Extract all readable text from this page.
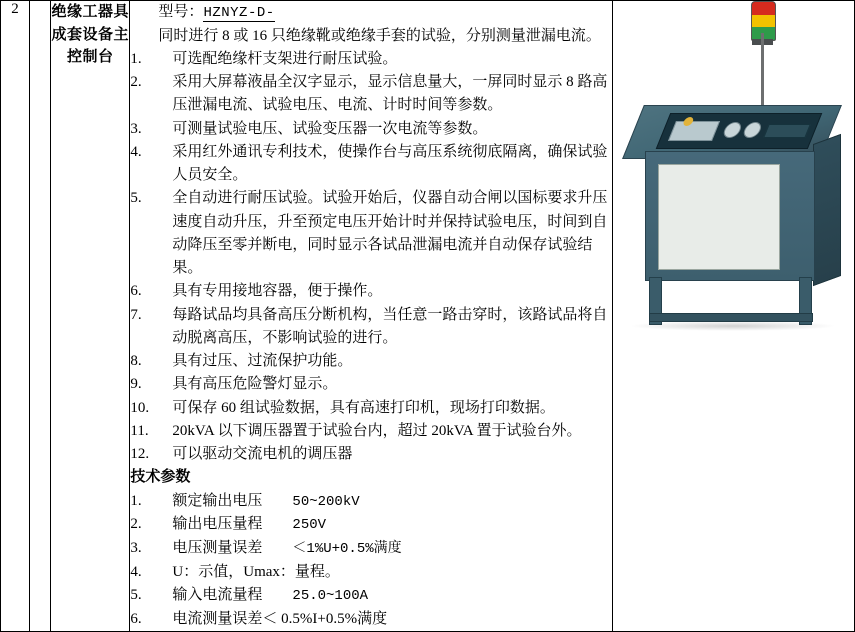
2		绝缘工器具成套设备主控制台	
型号：HZNYZ-D-

同时进行 8 或 16 只绝缘靴或绝缘手套的试验，分别测量泄漏电流。

1.	可选配绝缘杆支架进行耐压试验。
2.	采用大屏幕液晶全汉字显示，显示信息量大，一屏同时显示 8 路高压泄漏电流、试验电压、电流、计时时间等参数。
3.	可测量试验电压、试验变压器一次电流等参数。
4.	采用红外通讯专利技术，使操作台与高压系统彻底隔离，确保试验 人员安全。
5.	全自动进行耐压试验。试验开始后，仪器自动合闸以国标要求升压速度自动升压，升至预定电压开始计时并保持试验电压，时间到自动降压至零并断电，同时显示各试品泄漏电流并自动保存试验结果。
6.	具有专用接地容器，便于操作。
7.	每路试品均具备高压分断机构，当任意一路击穿时，该路试品将自动脱离高压，不影响试验的进行。
8.	具有过压、过流保护功能。
9.	具有高压危险警灯显示。
10.	可保存 60 组试验数据，具有高速打印机，现场打印数据。
11.	20kVA 以下调压器置于试验台内，超过 20kVA 置于试验台外。
12.	可以驱动交流电机的调压器
技术参数
1.	额定输出电压 50~200kV
2.	输出电压量程 250V
3.	电压测量误差 ＜1%U+0.5%满度
4.	U：示值，Umax：量程。
5.	输入电流量程 25.0~100A
6.	电流测量误差＜ 0.5%I+0.5%满度
